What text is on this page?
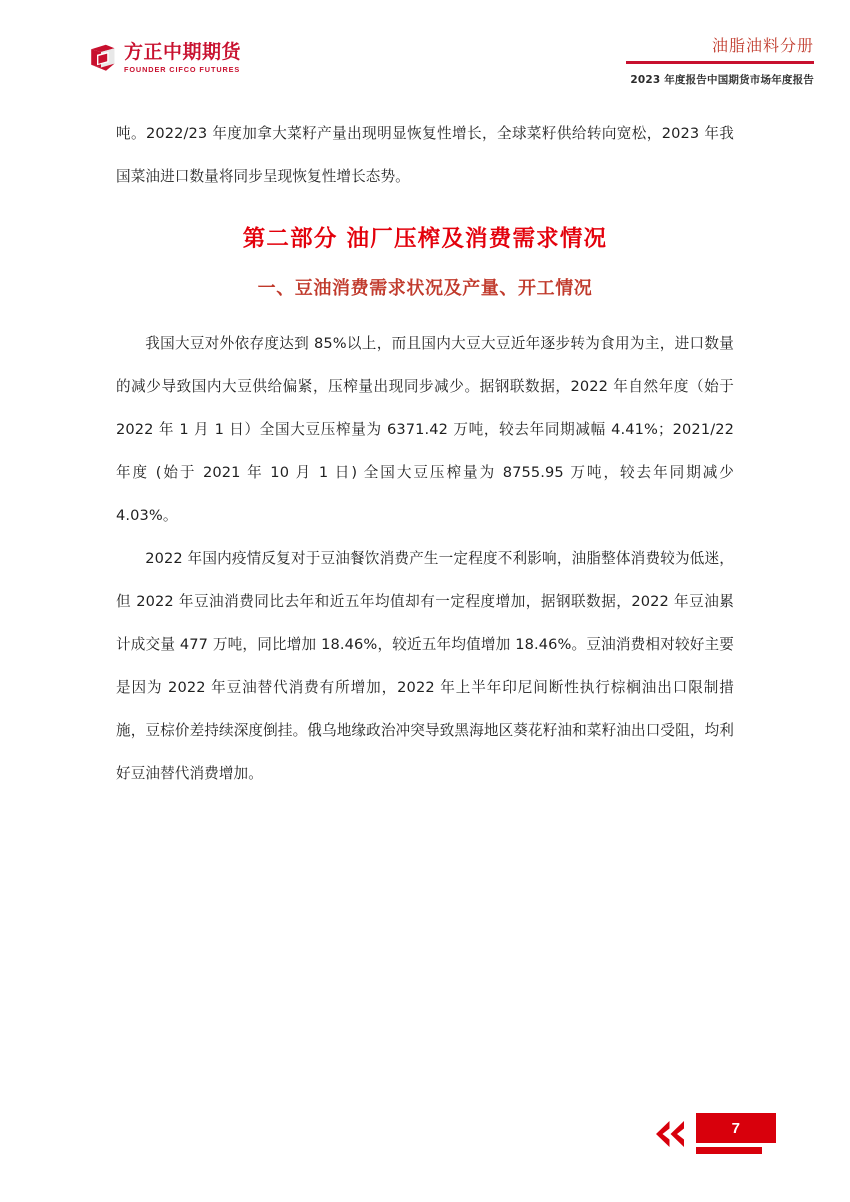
方正中期期货
FOUNDER CIFCO FUTURES
油脂油料分册
2023 年度报告中国期货市场年度报告

吨。2022/23 年度加拿大菜籽产量出现明显恢复性增长，全球菜籽供给转向宽松，2023 年我国菜油进口数量将同步呈现恢复性增长态势。

第二部分 油厂压榨及消费需求情况
一、豆油消费需求状况及产量、开工情况

我国大豆对外依存度达到 85%以上，而且国内大豆大豆近年逐步转为食用为主，进口数量的减少导致国内大豆供给偏紧，压榨量出现同步减少。据钢联数据，2022 年自然年度（始于 2022 年 1 月 1 日）全国大豆压榨量为 6371.42 万吨，较去年同期减幅 4.41%；2021/22 年度 (始于 2021 年 10 月 1 日) 全国大豆压榨量为 8755.95 万吨，较去年同期减少 4.03%。

2022 年国内疫情反复对于豆油餐饮消费产生一定程度不利影响，油脂整体消费较为低迷，但 2022 年豆油消费同比去年和近五年均值却有一定程度增加，据钢联数据，2022 年豆油累计成交量 477 万吨，同比增加 18.46%，较近五年均值增加 18.46%。豆油消费相对较好主要是因为 2022 年豆油替代消费有所增加，2022 年上半年印尼间断性执行棕榈油出口限制措施，豆棕价差持续深度倒挂。俄乌地缘政治冲突导致黑海地区葵花籽油和菜籽油出口受阻，均利好豆油替代消费增加。

7
